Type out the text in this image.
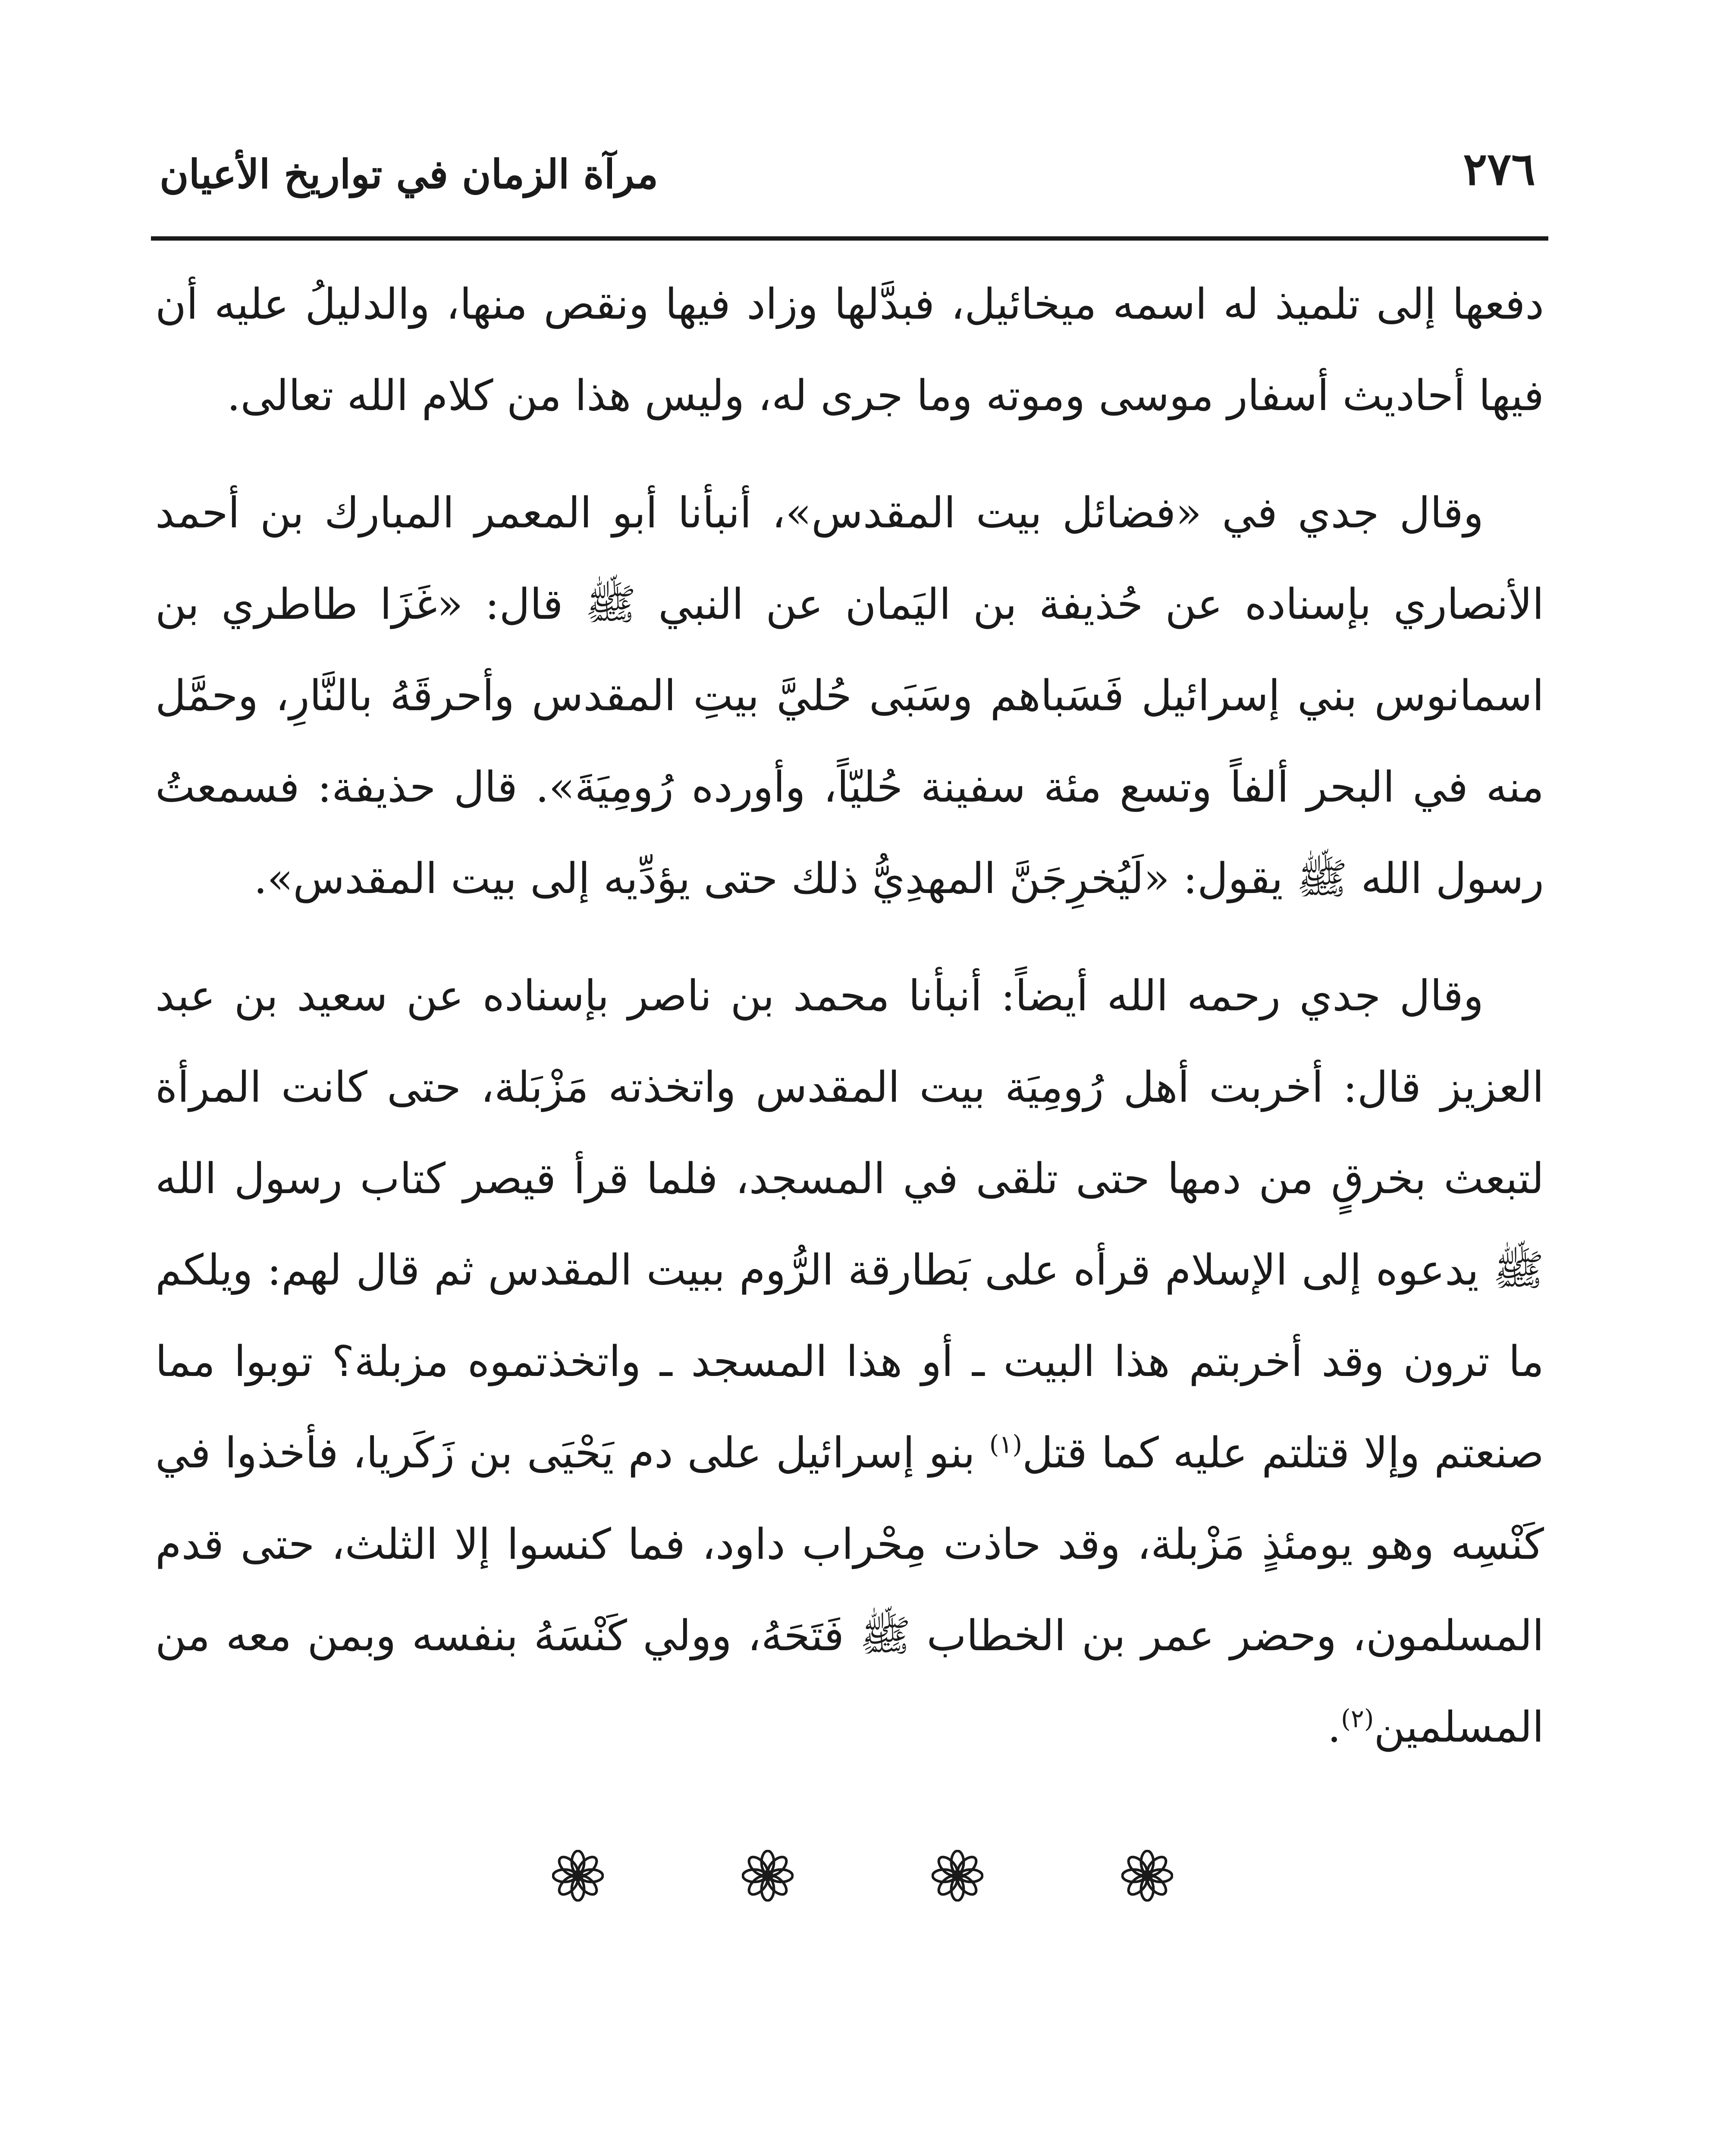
٢٧٦
مرآة الزمان في تواريخ الأعيان

دفعها إلى تلميذ له اسمه ميخائيل، فبدَّلها وزاد فيها ونقص منها، والدليلُ عليه أن فيها أحاديث أسفار موسى وموته وما جرى له، وليس هذا من كلام الله تعالى.

وقال جدي في «فضائل بيت المقدس»، أنبأنا أبو المعمر المبارك بن أحمد الأنصاري بإسناده عن حُذيفة بن اليَمان عن النبي ﷺ قال: «غَزَا طاطري بن اسمانوس بني إسرائيل فَسَباهم وسَبَى حُليَّ بيتِ المقدس وأحرقَهُ بالنَّارِ، وحمَّل منه في البحر ألفاً وتسع مئة سفينة حُليّاً، وأورده رُومِيَةَ». قال حذيفة: فسمعتُ رسول الله ﷺ يقول: «لَيُخرِجَنَّ المهدِيُّ ذلك حتى يؤدِّيه إلى بيت المقدس».

وقال جدي رحمه الله أيضاً: أنبأنا محمد بن ناصر بإسناده عن سعيد بن عبد العزيز قال: أخربت أهل رُومِيَة بيت المقدس واتخذته مَزْبَلة، حتى كانت المرأة لتبعث بخرقٍ من دمها حتى تلقى في المسجد، فلما قرأ قيصر كتاب رسول الله ﷺ يدعوه إلى الإسلام قرأه على بَطارقة الرُّوم ببيت المقدس ثم قال لهم: ويلكم ما ترون وقد أخربتم هذا البيت ـ أو هذا المسجد ـ واتخذتموه مزبلة؟ توبوا مما صنعتم وإلا قتلتم عليه كما قتل$^{(١)}$ بنو إسرائيل على دم يَحْيَى بن زَكَريا، فأخذوا في كَنْسِه وهو يومئذٍ مَزْبلة، وقد حاذت مِحْراب داود، فما كنسوا إلا الثلث، حتى قدم المسلمون، وحضر عمر بن الخطاب ﷺ فَتَحَهُ، وولي كَنْسَهُ بنفسه وبمن معه من المسلمين$^{(٢)}$.
